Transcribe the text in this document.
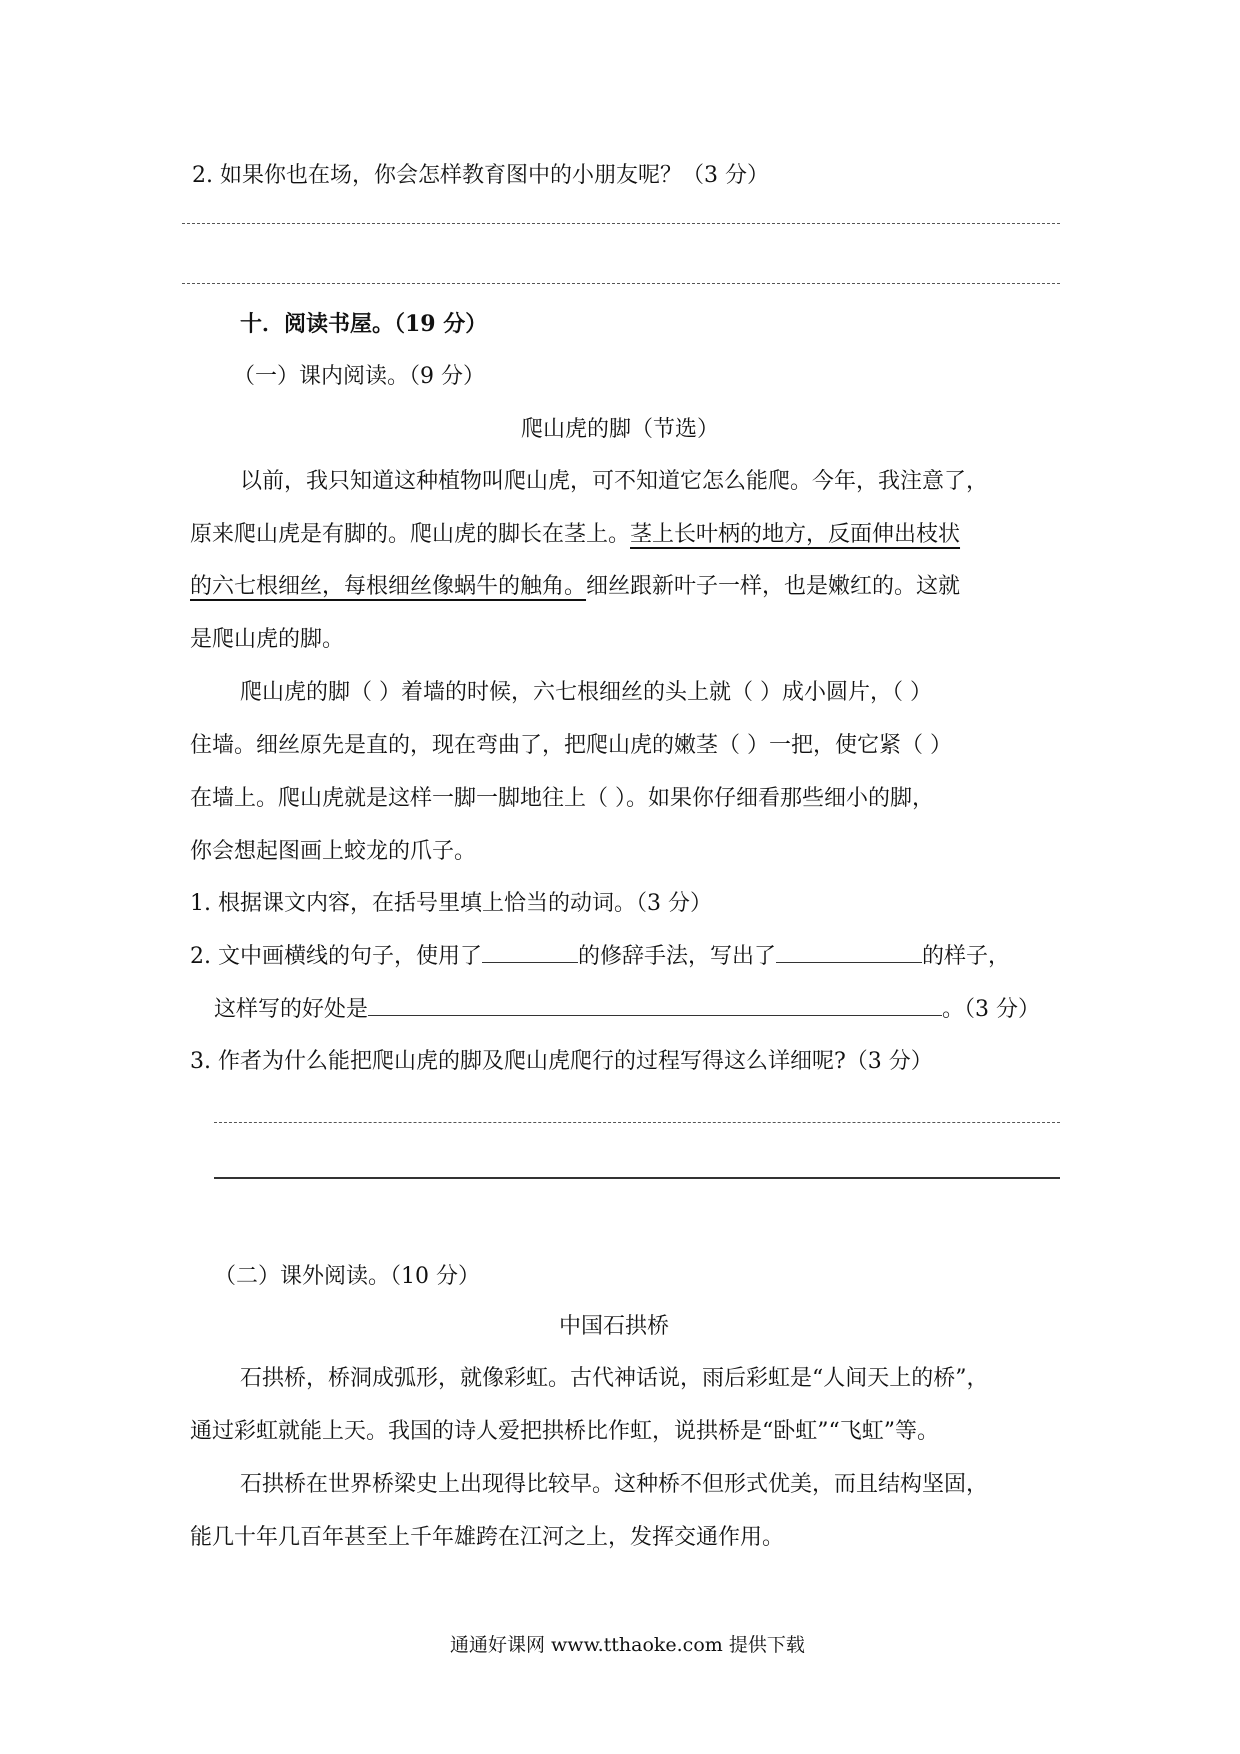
2. 如果你也在场，你会怎样教育图中的小朋友呢？（3 分）
十．阅读书屋。（19 分）
（一）课内阅读。（9 分）
爬山虎的脚（节选）
以前，我只知道这种植物叫爬山虎，可不知道它怎么能爬。今年，我注意了，
原来爬山虎是有脚的。爬山虎的脚长在茎上。茎上长叶柄的地方，反面伸出枝状
的六七根细丝，每根细丝像蜗牛的触角。细丝跟新叶子一样，也是嫩红的。这就
是爬山虎的脚。
爬山虎的脚（ ）着墙的时候，六七根细丝的头上就（ ）成小圆片，（ ）
住墙。细丝原先是直的，现在弯曲了，把爬山虎的嫩茎（ ）一把，使它紧（ ）
在墙上。爬山虎就是这样一脚一脚地往上（ ）。如果你仔细看那些细小的脚，
你会想起图画上蛟龙的爪子。
1. 根据课文内容，在括号里填上恰当的动词。（3 分）
2. 文中画横线的句子，使用了	的修辞手法，写出了	的样子，
这样写的好处是	。（3 分）
3. 作者为什么能把爬山虎的脚及爬山虎爬行的过程写得这么详细呢?（3 分）
（二）课外阅读。（10 分）
中国石拱桥
石拱桥，桥洞成弧形，就像彩虹。古代神话说，雨后彩虹是“人间天上的桥”，
通过彩虹就能上天。我国的诗人爱把拱桥比作虹，说拱桥是“卧虹”“飞虹”等。
石拱桥在世界桥梁史上出现得比较早。这种桥不但形式优美，而且结构坚固，
能几十年几百年甚至上千年雄跨在江河之上，发挥交通作用。
通通好课网 www.tthaoke.com 提供下载
